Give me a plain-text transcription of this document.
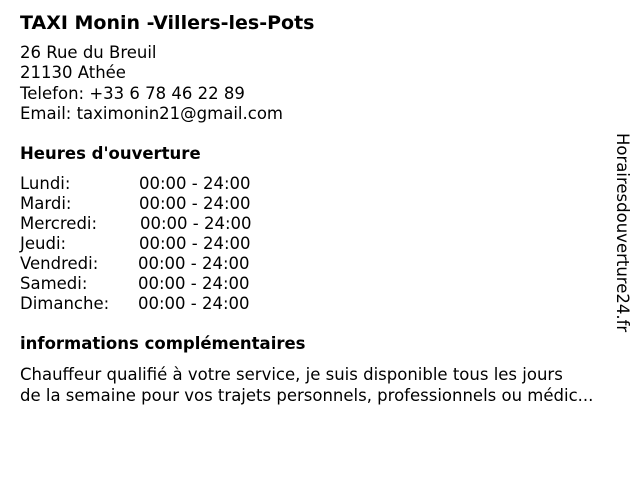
TAXI Monin -Villers-les-Pots
26 Rue du Breuil
21130 Athée
Telefon: +33 6 78 46 22 89
Email: taximonin21@gmail.com
Heures d'ouverture
Lundi:	00:00 - 24:00
Mardi:	00:00 - 24:00
Mercredi:	00:00 - 24:00
Jeudi:	00:00 - 24:00
Vendredi: 00:00 - 24:00
Samedi:	00:00 - 24:00
Dimanche: 00:00 - 24:00
informations complémentaires
Chauffeur qualifié à votre service, je suis disponible tous les jours
de la semaine pour vos trajets personnels, professionnels ou médic...
Horairesdouverture24.fr
